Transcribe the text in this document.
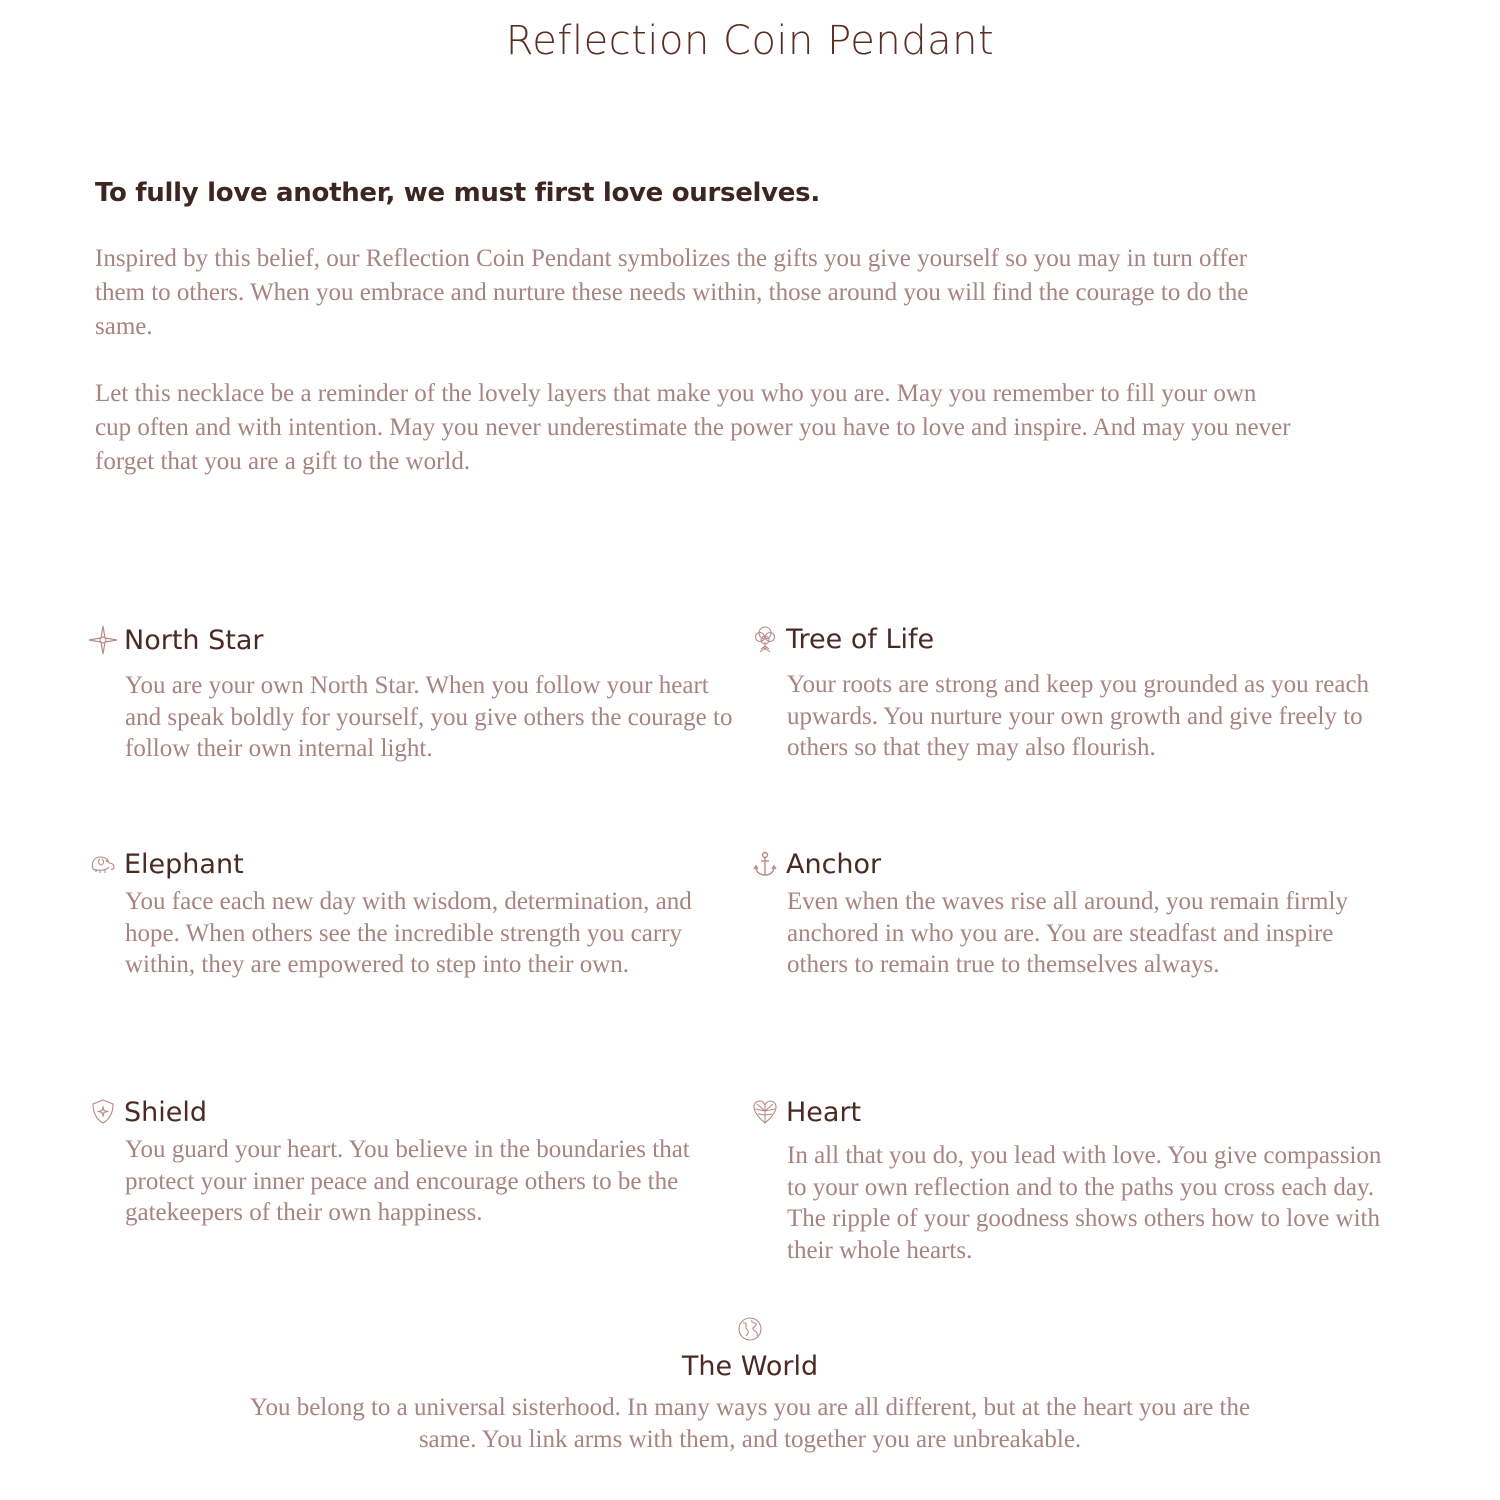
Reflection Coin Pendant
To fully love another, we must first love ourselves.

Inspired by this belief, our Reflection Coin Pendant symbolizes the gifts you give yourself so you may in turn offer them to others. When you embrace and nurture these needs within, those around you will find the courage to do the same.

Let this necklace be a reminder of the lovely layers that make you who you are. May you remember to fill your own cup often and with intention. May you never underestimate the power you have to love and inspire. And may you never forget that you are a gift to the world.

North Star

You are your own North Star. When you follow your heart and speak boldly for yourself, you give others the courage to follow their own internal light.

Tree of Life

Your roots are strong and keep you grounded as you reach upwards. You nurture your own growth and give freely to others so that they may also flourish.

Elephant

You face each new day with wisdom, determination, and hope. When others see the incredible strength you carry within, they are empowered to step into their own.

Anchor

Even when the waves rise all around, you remain firmly anchored in who you are. You are steadfast and inspire others to remain true to themselves always.

Shield

You guard your heart. You believe in the boundaries that protect your inner peace and encourage others to be the gatekeepers of their own happiness.

Heart

In all that you do, you lead with love. You give compassion to your own reflection and to the paths you cross each day. The ripple of your goodness shows others how to love with their whole hearts.

The World

You belong to a universal sisterhood. In many ways you are all different, but at the heart you are the same. You link arms with them, and together you are unbreakable.
